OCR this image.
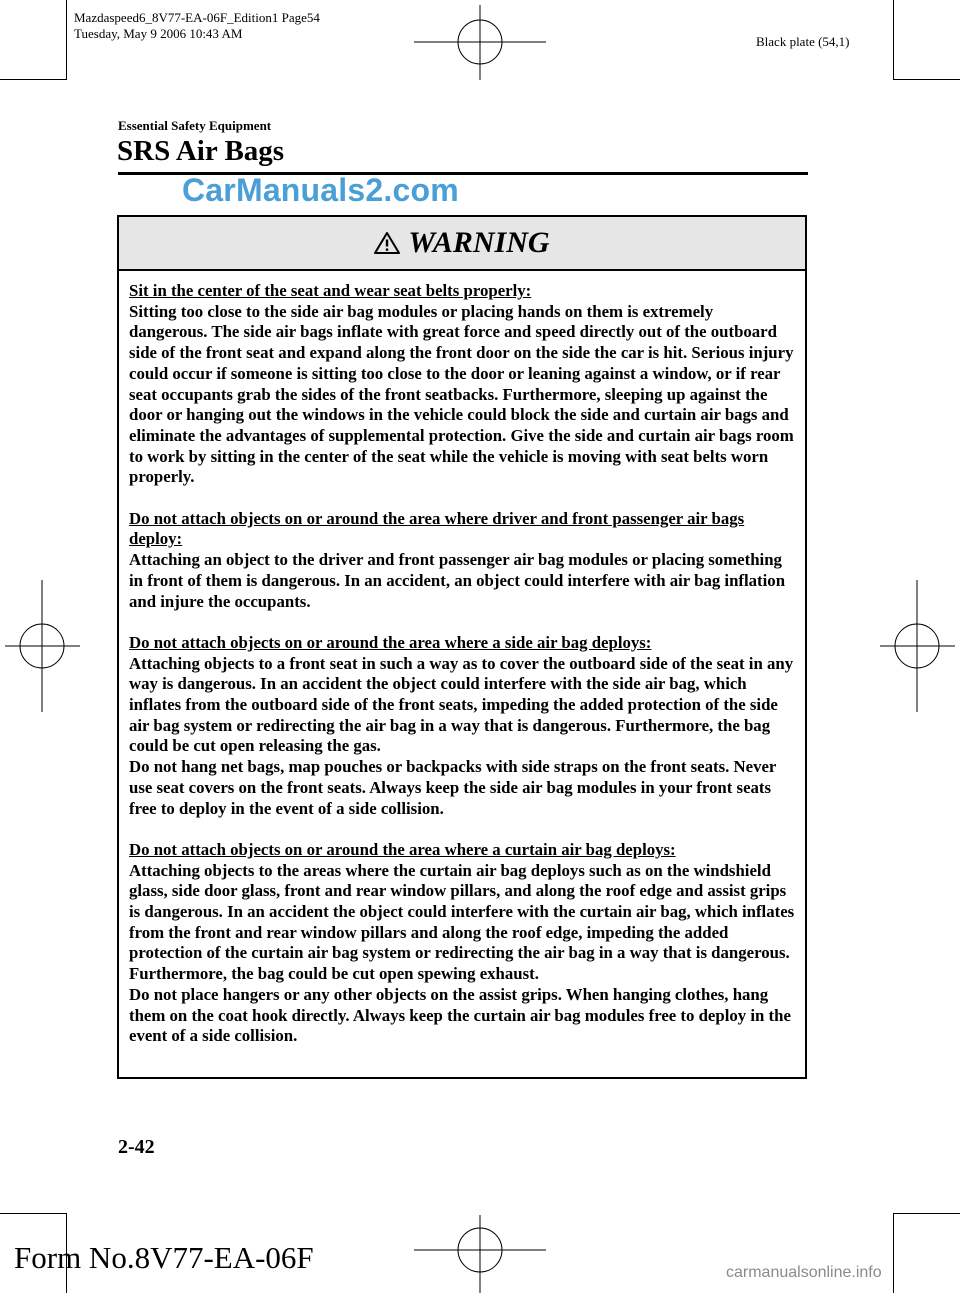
Mazdaspeed6_8V77-EA-06F_Edition1 Page54
Tuesday, May 9 2006 10:43 AM
Black plate (54,1)
Essential Safety Equipment
SRS Air Bags
CarManuals2.com
WARNING
Sit in the center of the seat and wear seat belts properly:
Sitting too close to the side air bag modules or placing hands on them is extremely dangerous. The side air bags inflate with great force and speed directly out of the outboard side of the front seat and expand along the front door on the side the car is hit. Serious injury could occur if someone is sitting too close to the door or leaning against a window, or if rear seat occupants grab the sides of the front seatbacks. Furthermore, sleeping up against the door or hanging out the windows in the vehicle could block the side and curtain air bags and eliminate the advantages of supplemental protection. Give the side and curtain air bags room to work by sitting in the center of the seat while the vehicle is moving with seat belts worn properly.
Do not attach objects on or around the area where driver and front passenger air bags deploy:
Attaching an object to the driver and front passenger air bag modules or placing something in front of them is dangerous. In an accident, an object could interfere with air bag inflation and injure the occupants.
Do not attach objects on or around the area where a side air bag deploys:
Attaching objects to a front seat in such a way as to cover the outboard side of the seat in any way is dangerous. In an accident the object could interfere with the side air bag, which inflates from the outboard side of the front seats, impeding the added protection of the side air bag system or redirecting the air bag in a way that is dangerous. Furthermore, the bag could be cut open releasing the gas.
Do not hang net bags, map pouches or backpacks with side straps on the front seats. Never use seat covers on the front seats. Always keep the side air bag modules in your front seats free to deploy in the event of a side collision.
Do not attach objects on or around the area where a curtain air bag deploys:
Attaching objects to the areas where the curtain air bag deploys such as on the windshield glass, side door glass, front and rear window pillars, and along the roof edge and assist grips is dangerous. In an accident the object could interfere with the curtain air bag, which inflates from the front and rear window pillars and along the roof edge, impeding the added protection of the curtain air bag system or redirecting the air bag in a way that is dangerous. Furthermore, the bag could be cut open spewing exhaust.
Do not place hangers or any other objects on the assist grips. When hanging clothes, hang them on the coat hook directly. Always keep the curtain air bag modules free to deploy in the event of a side collision.
2-42
Form No.8V77-EA-06F	carmanualsonline.info
